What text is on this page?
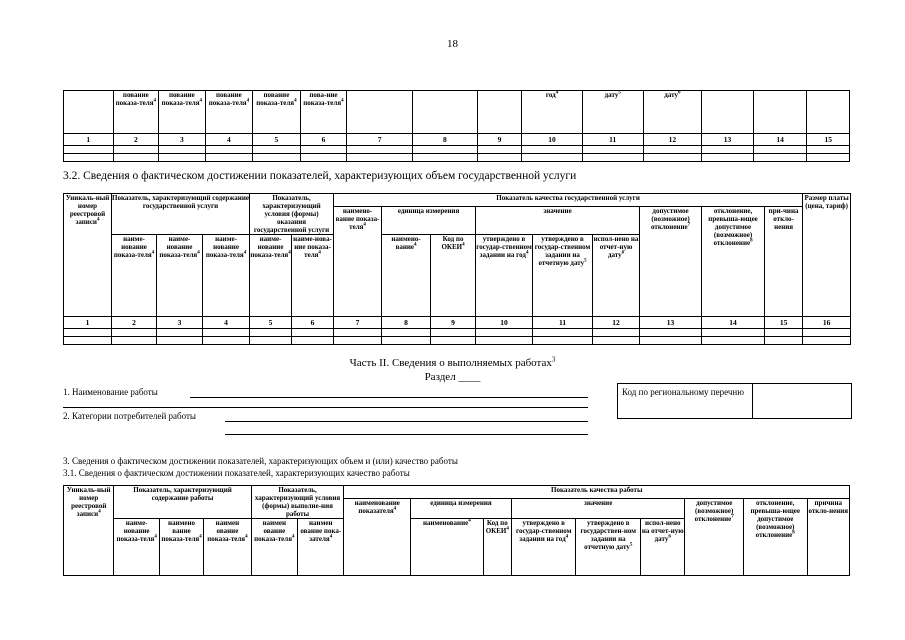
18
	пование показа-теля$^4$	пование показа-теля$^4$	пование показа-теля$^4$	пование показа-теля$^4$	пова-ние показа-теля$^4$				год$^4$	дату$^5$	дату$^6$			
1	2	3	4	5	6	7	8	9	10	11	12	13	14	15

3.2. Сведения о фактическом достижении показателей, характеризующих объем государственной услуги
Уникаль-ный номер реестровой записи$^4$	Показатель, характеризующий содержание государственной услуги			Показатель, характеризующий условия (формы) оказания государственной услуги		Показатель качества государственной услуги									Размер платы (цена, тариф)
						наимено-вание показа-теля$^4$	единица измерения		значение			допустимое (возможное) отклонение$^7$	отклонение, превыша-ющее допустимое (возможное) отклонение$^8$	при-чина откло-нения	
	наиме-нование показа-теля$^4$	наиме-нование показа-теля$^4$	наиме-нование показа-теля$^4$	наиме-нование показа-теля$^4$	наиме-нова-ние показа-теля$^4$		наимено-вание$^4$	Код по ОКЕИ$^4$	утверждено в государ-ственном задании на год$^4$	утверждено в государ-ственном задании на отчетную дату$^5$	испол-нено на отчет-ную дату$^6$
1	2	3	4	5	6	7	8	9	10	11	12	13	14	15	16

Часть II. Сведения о выполняемых работах$^3$
Раздел ____
1. Наименование работы
2. Категории потребителей работы
Код по региональному перечню
3. Сведения о фактическом достижении показателей, характеризующих объем и (или) качество работы
3.1. Сведения о фактическом достижении показателей, характеризующих качество работы
Уникаль-ный номер реестровой записи$^4$	Показатель, характеризующий содержание работы			Показатель, характеризующий условия (формы) выполне-ния работы		Показатель качества работы								
						наименование показателя$^4$	единица измерения		значение			допустимое (возможное) отклонение$^7$	отклонение, превыша-ющее допустимое (возможное) отклонение$^8$	причина откло-нения
	наиме-нование показа-теля$^4$	наимено вание показа-теля$^4$	наимен ование показа-теля$^4$	наимен ование показа-теля$^4$	наимен ование пока-зателя$^4$		наименование$^4$	Код по ОКЕИ$^4$	утверждено в государ-ственном задании на год$^4$	утверждено в государствен-ном задании на отчетную дату$^5$	испол-нено на отчет-ную дату$^6$
